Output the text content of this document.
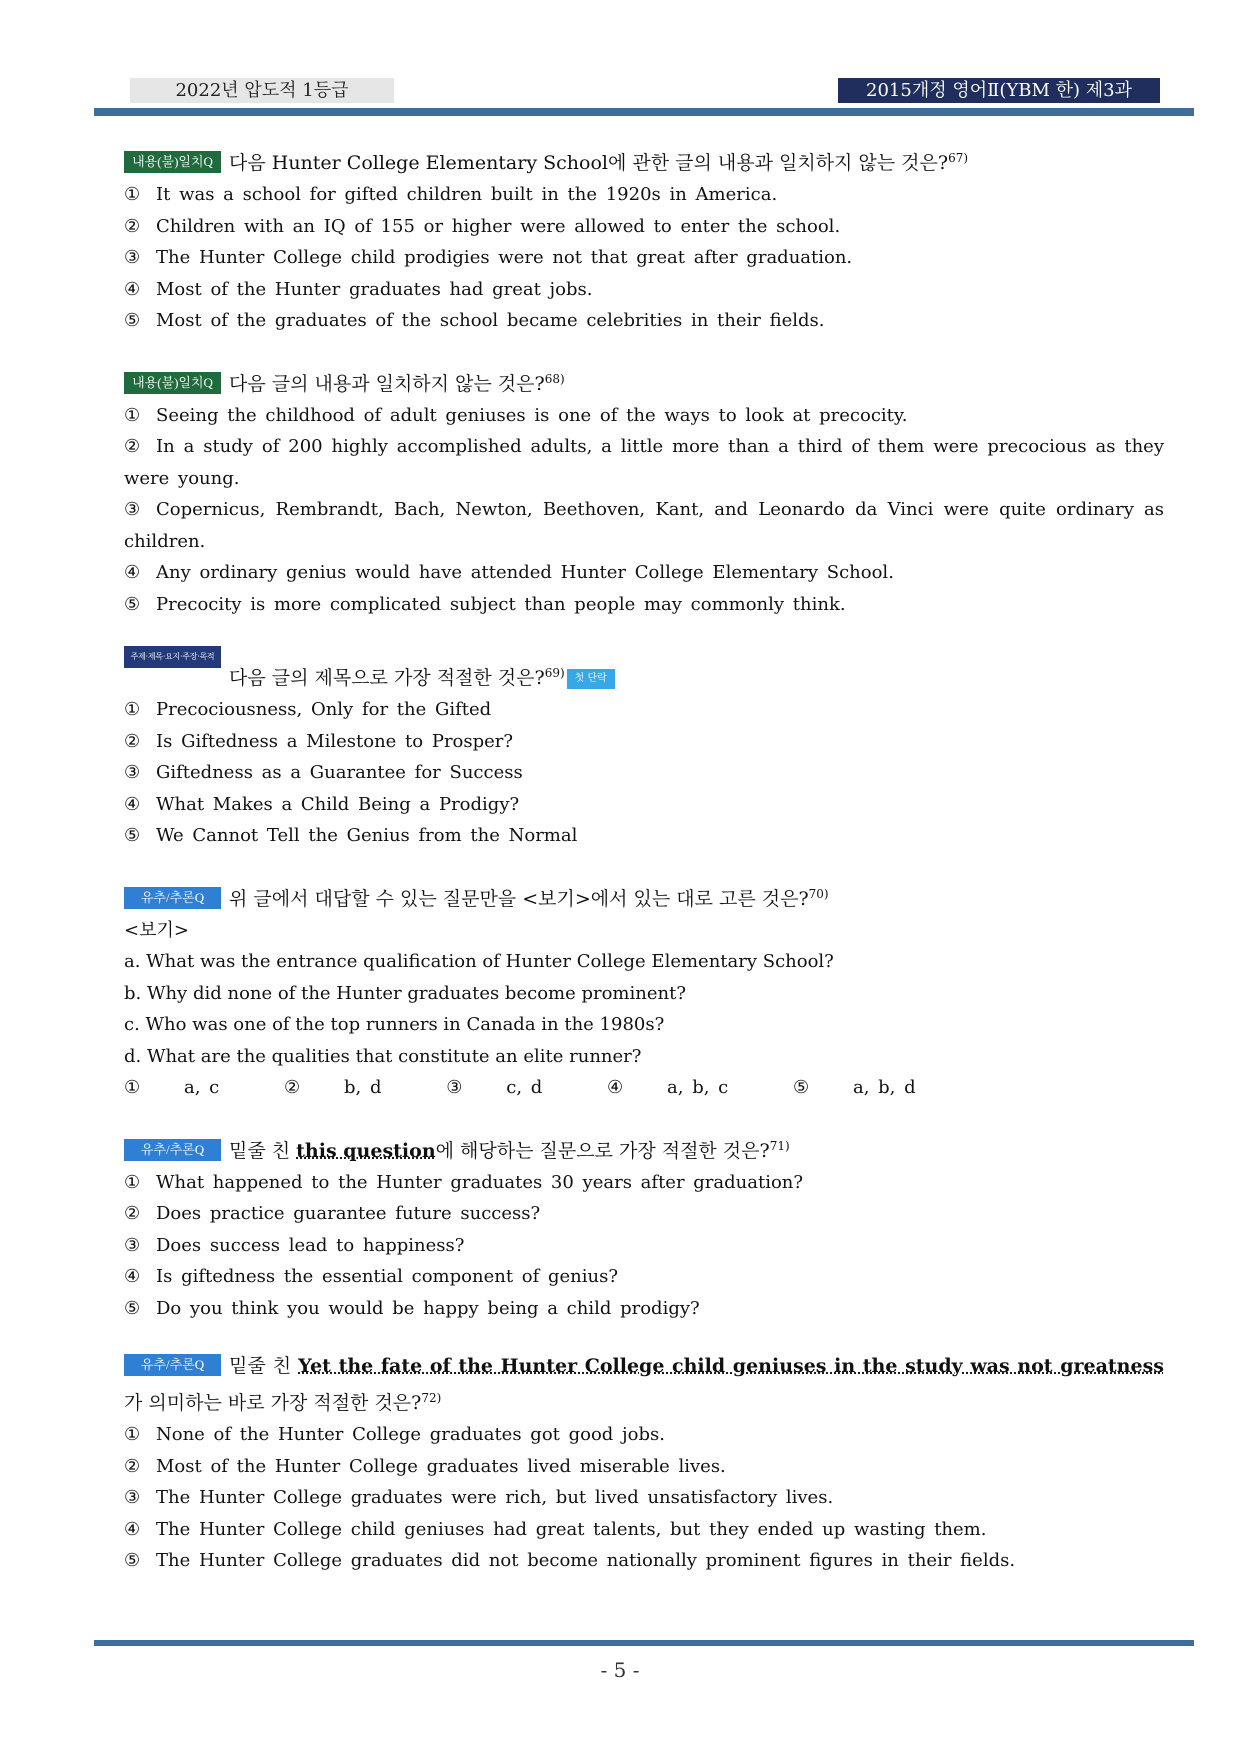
2022년 압도적 1등급	2015개정 영어Ⅱ(YBM 한) 제3과
내용(불)일치Q 다음 Hunter College Elementary School에 관한 글의 내용과 일치하지 않는 것은?$^{67)}$
① It was a school for gifted children built in the 1920s in America.
② Children with an IQ of 155 or higher were allowed to enter the school.
③ The Hunter College child prodigies were not that great after graduation.
④ Most of the Hunter graduates had great jobs.
⑤ Most of the graduates of the school became celebrities in their fields.
내용(불)일치Q 다음 글의 내용과 일치하지 않는 것은?$^{68)}$
① Seeing the childhood of adult geniuses is one of the ways to look at precocity.
② In a study of 200 highly accomplished adults, a little more than a third of them were precocious as they were young.
③ Copernicus, Rembrandt, Bach, Newton, Beethoven, Kant, and Leonardo da Vinci were quite ordinary as children.
④ Any ordinary genius would have attended Hunter College Elementary School.
⑤ Precocity is more complicated subject than people may commonly think.
주제·제목·요지·주장·목적Q	다음 글의 제목으로 가장 적절한 것은?$^{69)}$ 첫 단락
① Precociousness, Only for the Gifted
② Is Giftedness a Milestone to Prosper?
③ Giftedness as a Guarantee for Success
④ What Makes a Child Being a Prodigy?
⑤ We Cannot Tell the Genius from the Normal
유추/추론Q 위 글에서 대답할 수 있는 질문만을 <보기>에서 있는 대로 고른 것은?$^{70)}$
<보기>
a. What was the entrance qualification of Hunter College Elementary School?
b. Why did none of the Hunter graduates become prominent?
c. Who was one of the top runners in Canada in the 1980s?
d. What are the qualities that constitute an elite runner?
① a, c	② b, d	③ c, d	④ a, b, c	⑤ a, b, d
유추/추론Q 밑줄 친 this question에 해당하는 질문으로 가장 적절한 것은?$^{71)}$
① What happened to the Hunter graduates 30 years after graduation?
② Does practice guarantee future success?
③ Does success lead to happiness?
④ Is giftedness the essential component of genius?
⑤ Do you think you would be happy being a child prodigy?
유추/추론Q 밑줄 친 Yet the fate of the Hunter College child geniuses in the study was not greatness가 의미하는 바로 가장 적절한 것은?$^{72)}$
① None of the Hunter College graduates got good jobs.
② Most of the Hunter College graduates lived miserable lives.
③ The Hunter College graduates were rich, but lived unsatisfactory lives.
④ The Hunter College child geniuses had great talents, but they ended up wasting them.
⑤ The Hunter College graduates did not become nationally prominent figures in their fields.
- 5 -
